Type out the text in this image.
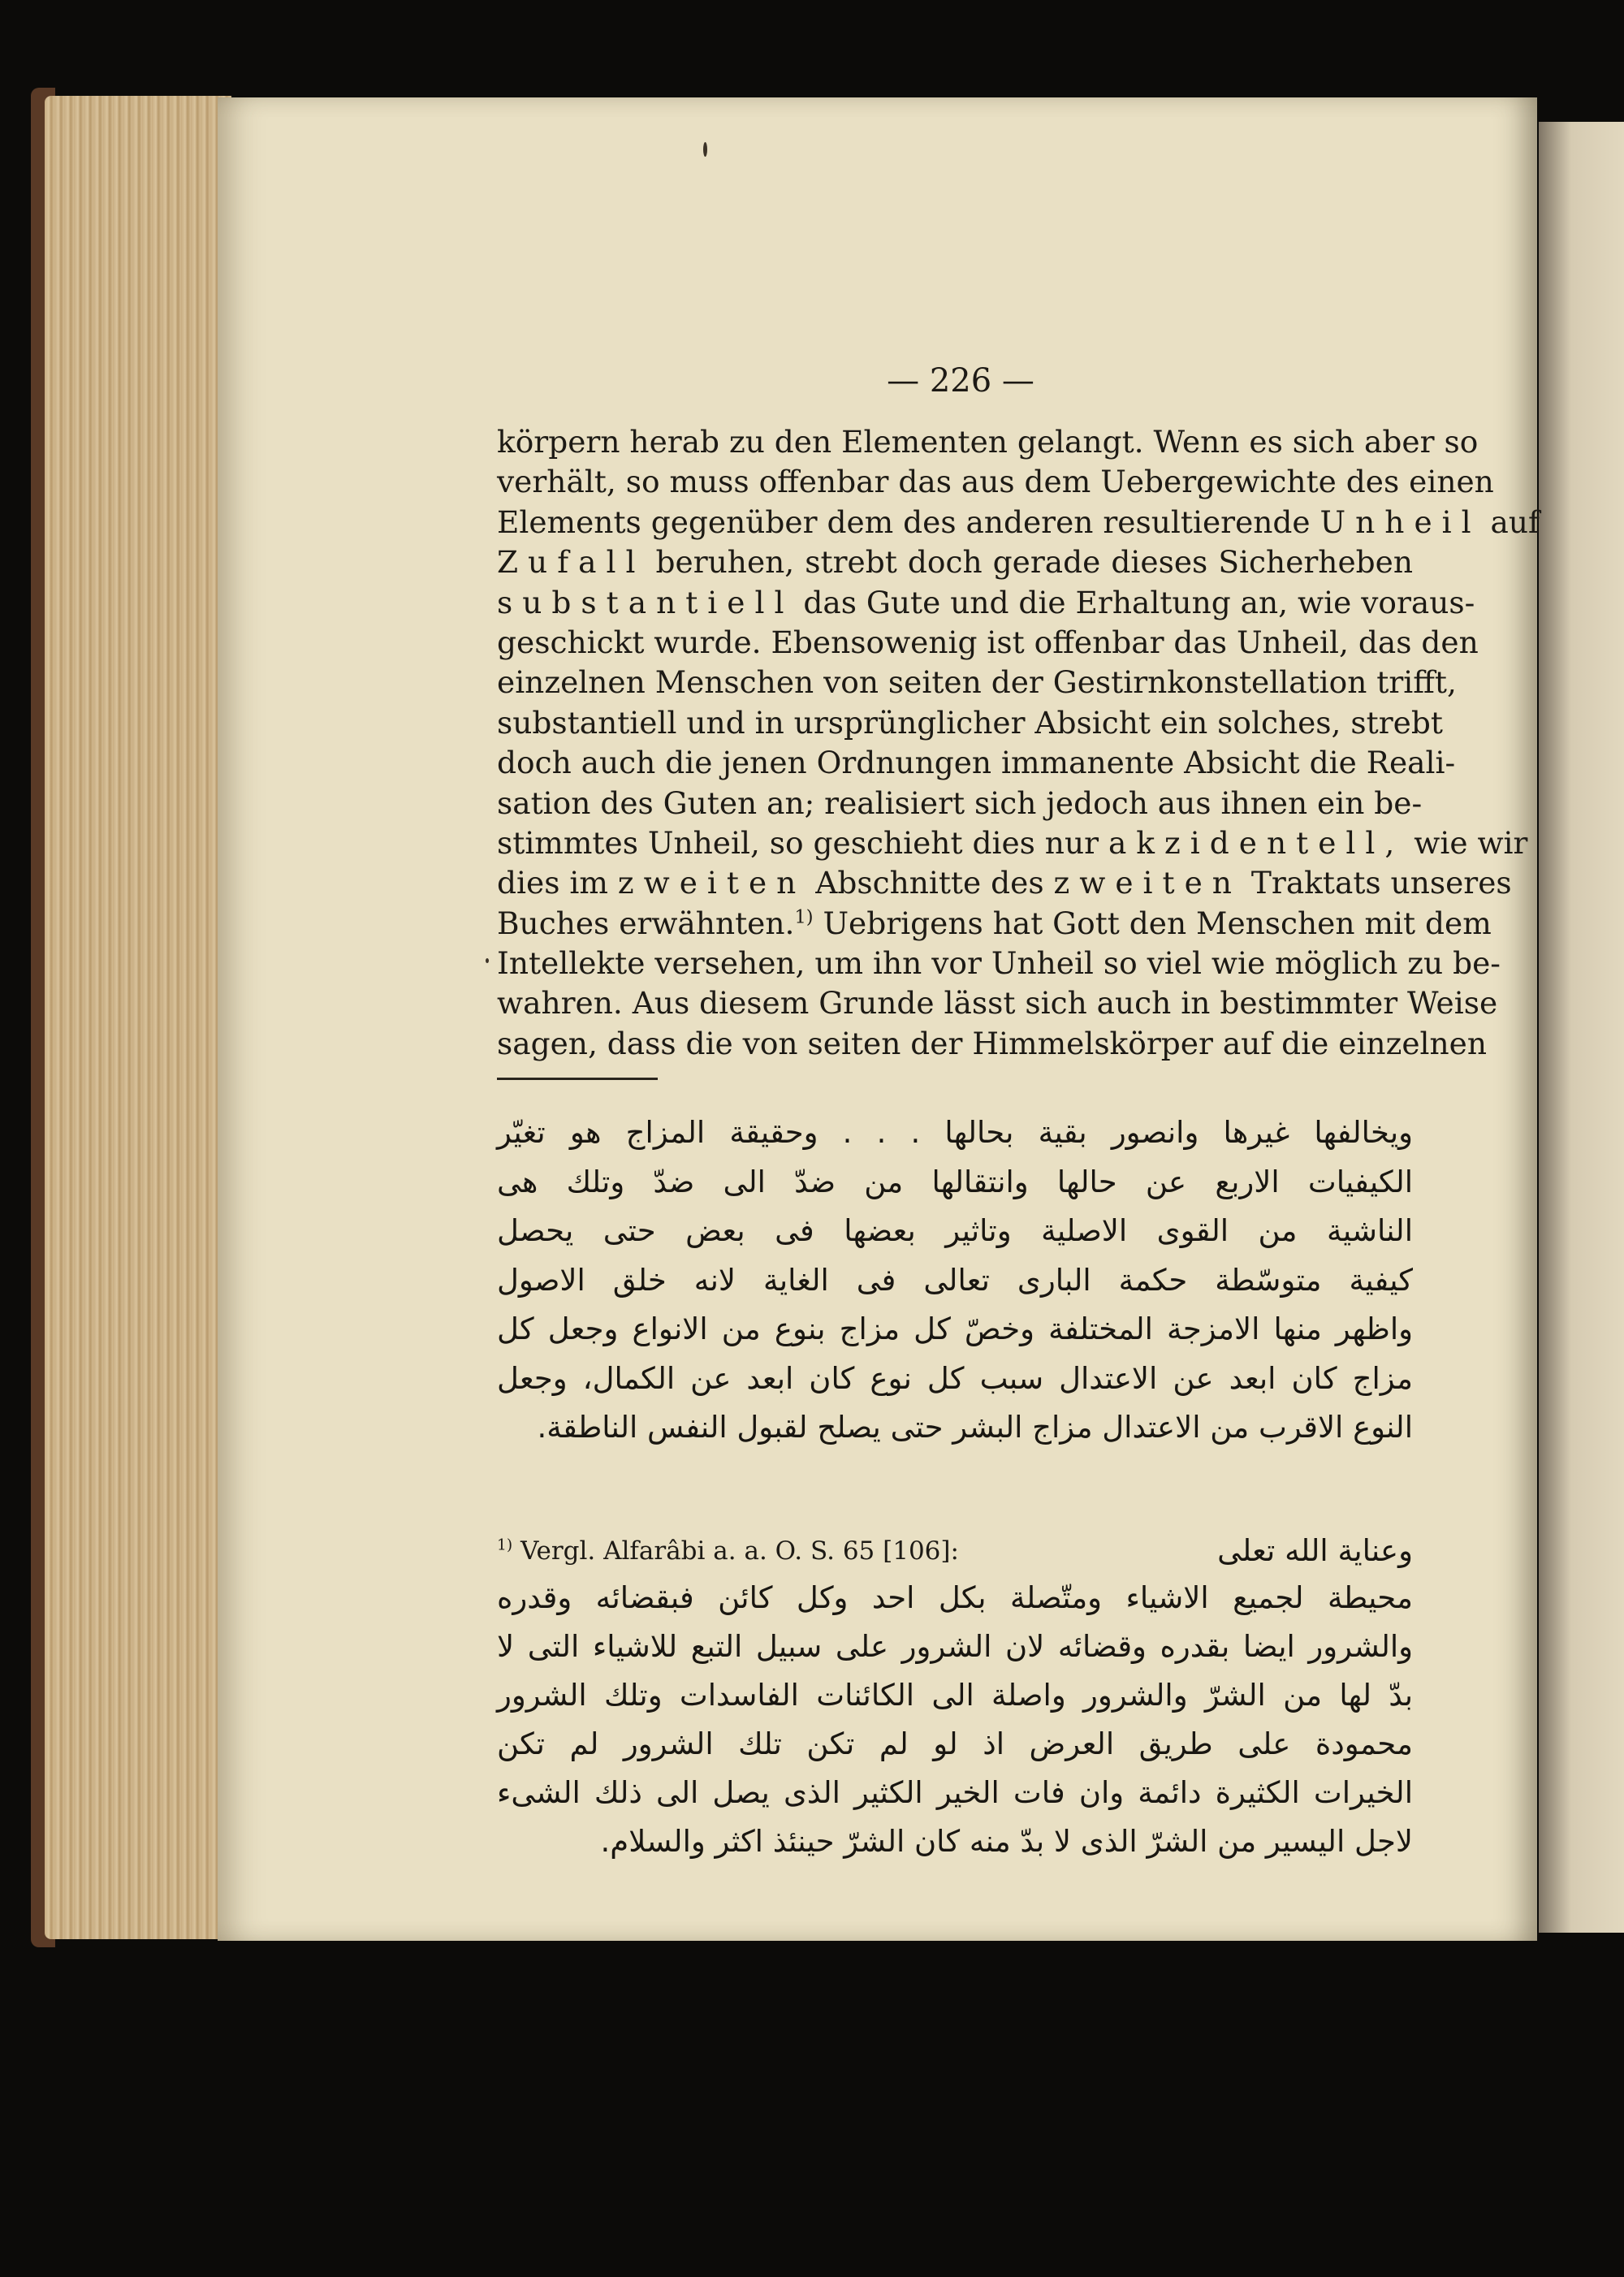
— 226 —
körpern herab zu den Elementen gelangt. Wenn es sich aber so
verhält, so muss offenbar das aus dem Uebergewichte des einen
Elements gegenüber dem des anderen resultierende Unheil auf
Zufall beruhen, strebt doch gerade dieses Sicherheben
substantiell das Gute und die Erhaltung an, wie voraus-
geschickt wurde. Ebensowenig ist offenbar das Unheil, das den
einzelnen Menschen von seiten der Gestirnkonstellation trifft,
substantiell und in ursprünglicher Absicht ein solches, strebt
doch auch die jenen Ordnungen immanente Absicht die Reali-
sation des Guten an; realisiert sich jedoch aus ihnen ein be-
stimmtes Unheil, so geschieht dies nur akzidentell, wie wir
dies im zweiten Abschnitte des zweiten Traktats unseres
Buches erwähnten.$^{1)}$ Uebrigens hat Gott den Menschen mit dem
Intellekte versehen, um ihn vor Unheil so viel wie möglich zu be-
wahren. Aus diesem Grunde lässt sich auch in bestimmter Weise
sagen, dass die von seiten der Himmelskörper auf die einzelnen
ويخالفها غيرها وانصور بقية بحالها . . . وحقيقة المزاج هو تغيّر
الكيفيات الاربع عن حالها وانتقالها من ضدّ الى ضدّ وتلك هى
الناشية من القوى الاصلية وتاثير بعضها فى بعض حتى يحصل
كيفية متوسّطة حكمة البارى تعالى فى الغاية لانه خلق الاصول
واظهر منها الامزجة المختلفة وخصّ كل مزاج بنوع من الانواع وجعل كل
مزاج كان ابعد عن الاعتدال سبب كل نوع كان ابعد عن الكمال، وجعل
النوع الاقرب من الاعتدال مزاج البشر حتى يصلح لقبول النفس الناطقة.
$^{1)}$ Vergl. Alfarâbi a. a. O. S. 65 [106]:	وعناية الله تعلى
محيطة لجميع الاشياء ومتّصلة بكل احد وكل كائن فبقضائه وقدره
والشرور ايضا بقدره وقضائه لان الشرور على سبيل التبع للاشياء التى لا
بدّ لها من الشرّ والشرور واصلة الى الكائنات الفاسدات وتلك الشرور
محمودة على طريق العرض اذ لو لم تكن تلك الشرور لم تكن
الخيرات الكثيرة دائمة وان فات الخير الكثير الذى يصل الى ذلك الشىء
لاجل اليسير من الشرّ الذى لا بدّ منه كان الشرّ حينئذ اكثر والسلام.
